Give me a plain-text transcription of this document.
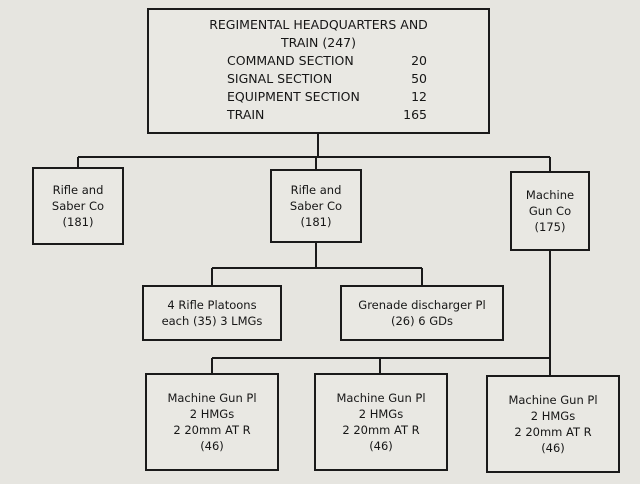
REGIMENTAL HEADQUARTERS AND
TRAIN (247)
COMMAND SECTION	20
SIGNAL SECTION	50
EQUIPMENT SECTION	12
TRAIN	165
Rifle and
Saber Co
(181)
Rifle and
Saber Co
(181)
Machine
Gun Co
(175)
4 Rifle Platoons
each (35) 3 LMGs
Grenade discharger Pl
(26) 6 GDs
Machine Gun Pl
2 HMGs
2 20mm AT R
(46)
Machine Gun Pl
2 HMGs
2 20mm AT R
(46)
Machine Gun Pl
2 HMGs
2 20mm AT R
(46)
